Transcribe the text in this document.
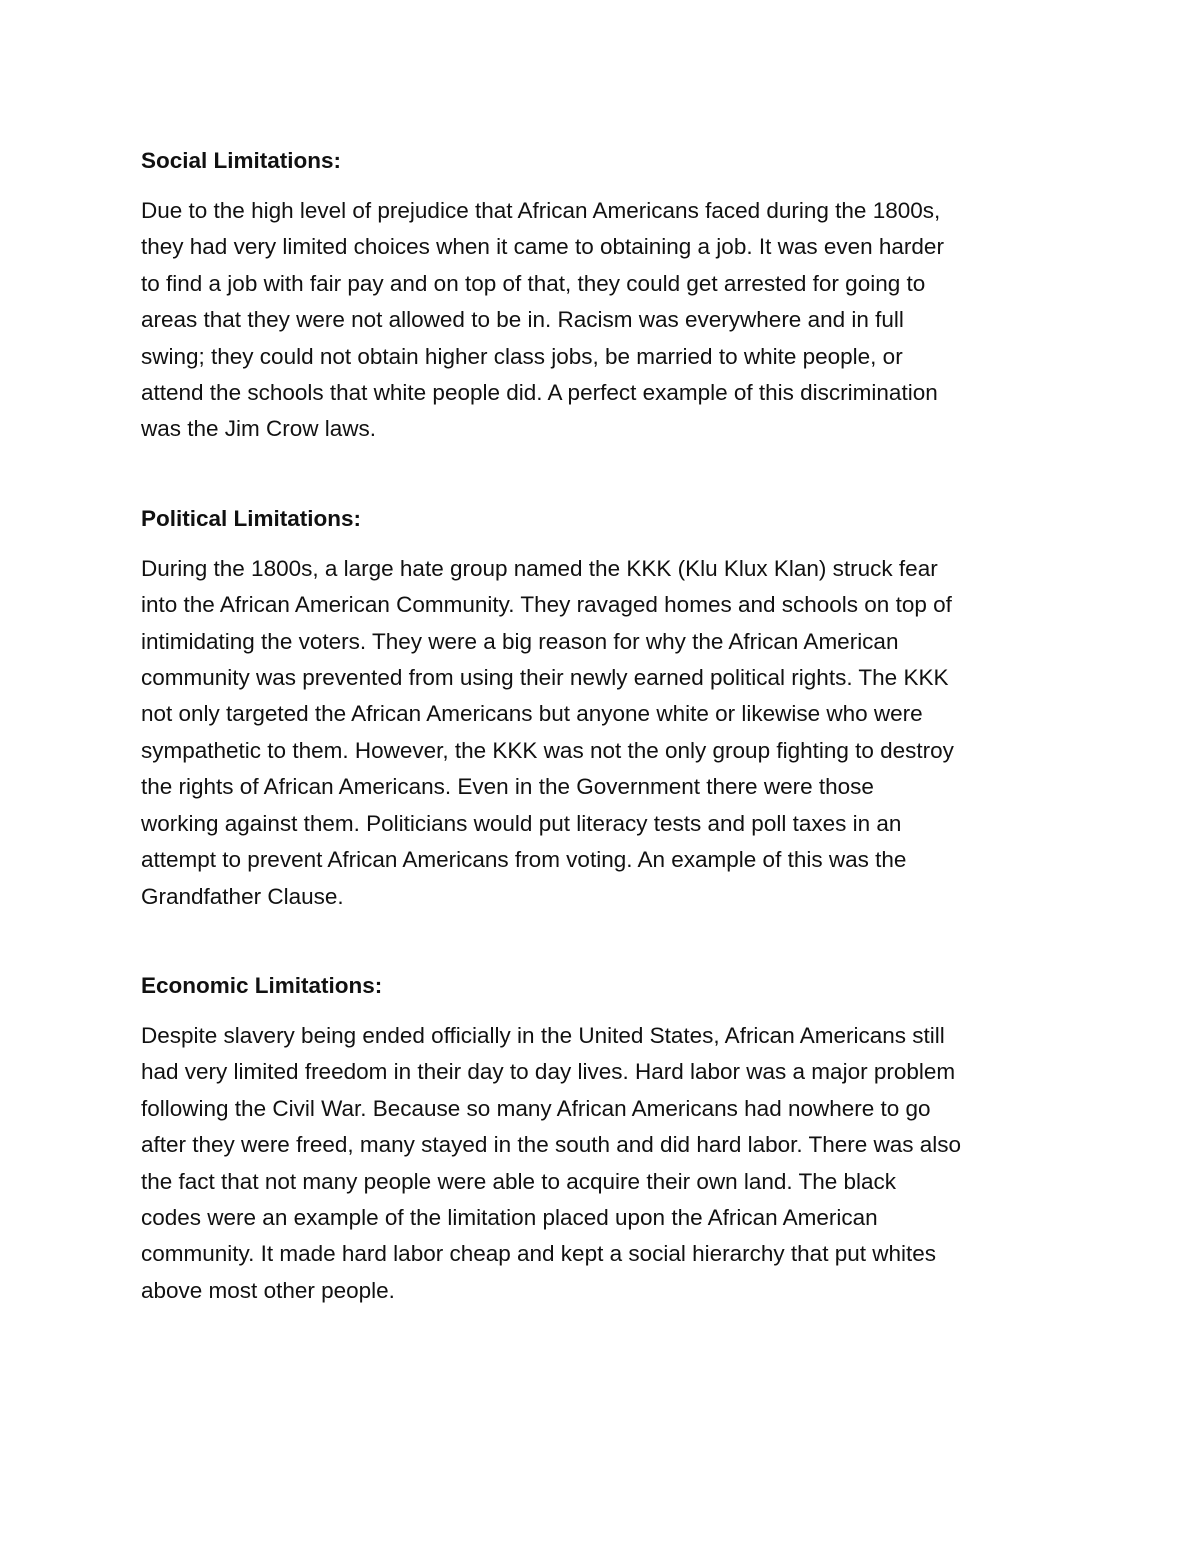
Social Limitations:
Due to the high level of prejudice that African Americans faced during the 1800s,
they had very limited choices when it came to obtaining a job. It was even harder
to find a job with fair pay and on top of that, they could get arrested for going to
areas that they were not allowed to be in. Racism was everywhere and in full
swing; they could not obtain higher class jobs, be married to white people, or
attend the schools that white people did. A perfect example of this discrimination
was the Jim Crow laws.
Political Limitations:
During the 1800s, a large hate group named the KKK (Klu Klux Klan) struck fear
into the African American Community. They ravaged homes and schools on top of
intimidating the voters. They were a big reason for why the African American
community was prevented from using their newly earned political rights. The KKK
not only targeted the African Americans but anyone white or likewise who were
sympathetic to them. However, the KKK was not the only group fighting to destroy
the rights of African Americans. Even in the Government there were those
working against them. Politicians would put literacy tests and poll taxes in an
attempt to prevent African Americans from voting. An example of this was the
Grandfather Clause.
Economic Limitations:
Despite slavery being ended officially in the United States, African Americans still
had very limited freedom in their day to day lives. Hard labor was a major problem
following the Civil War. Because so many African Americans had nowhere to go
after they were freed, many stayed in the south and did hard labor. There was also
the fact that not many people were able to acquire their own land. The black
codes were an example of the limitation placed upon the African American
community. It made hard labor cheap and kept a social hierarchy that put whites
above most other people.
